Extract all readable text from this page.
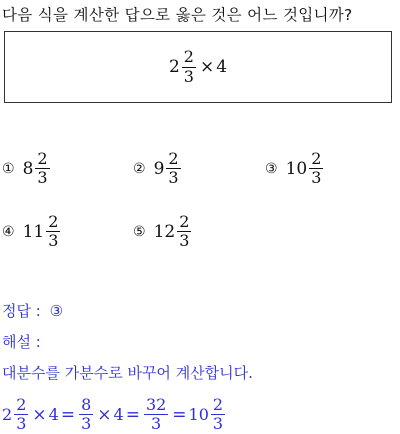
다음 식을 계산한 답으로 옳은 것은 어느 것입니까?
$2 \frac{2}{3} \times 4$
① $8 \frac{2}{3}$	② $9 \frac{2}{3}$	③ $10 \frac{2}{3}$
④ $11 \frac{2}{3}$	⑤ $12 \frac{2}{3}$
정답 : ③
해설 :
대분수를 가분수로 바꾸어 계산합니다.
$2 \frac{2}{3} \times 4 = \frac{8}{3} \times 4 = \frac{32}{3} = 10 \frac{2}{3}$
